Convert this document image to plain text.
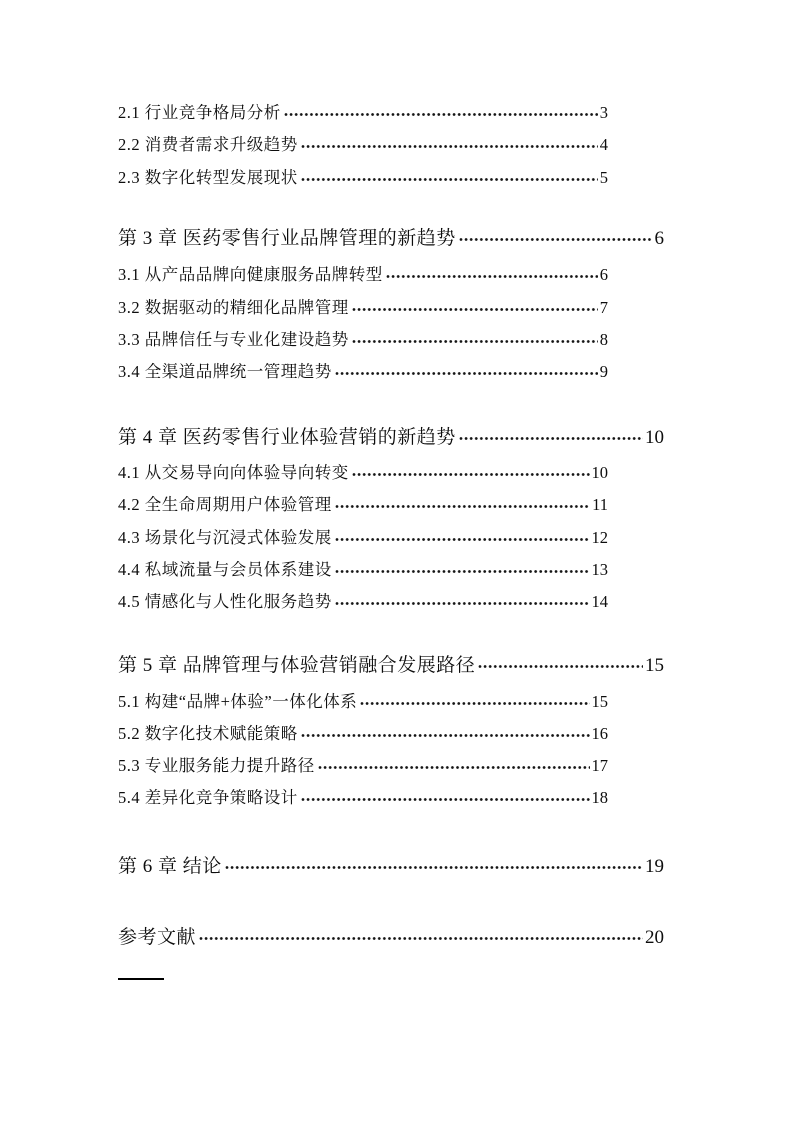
2.1 行业竞争格局分析	3
2.2 消费者需求升级趋势	4
2.3 数字化转型发展现状	5
第 3 章 医药零售行业品牌管理的新趋势	6
3.1 从产品品牌向健康服务品牌转型	6
3.2 数据驱动的精细化品牌管理	7
3.3 品牌信任与专业化建设趋势	8
3.4 全渠道品牌统一管理趋势	9
第 4 章 医药零售行业体验营销的新趋势	10
4.1 从交易导向向体验导向转变	10
4.2 全生命周期用户体验管理	11
4.3 场景化与沉浸式体验发展	12
4.4 私域流量与会员体系建设	13
4.5 情感化与人性化服务趋势	14
第 5 章 品牌管理与体验营销融合发展路径	15
5.1 构建“品牌+体验”一体化体系	15
5.2 数字化技术赋能策略	16
5.3 专业服务能力提升路径	17
5.4 差异化竞争策略设计	18
第 6 章 结论	19
参考文献	20
